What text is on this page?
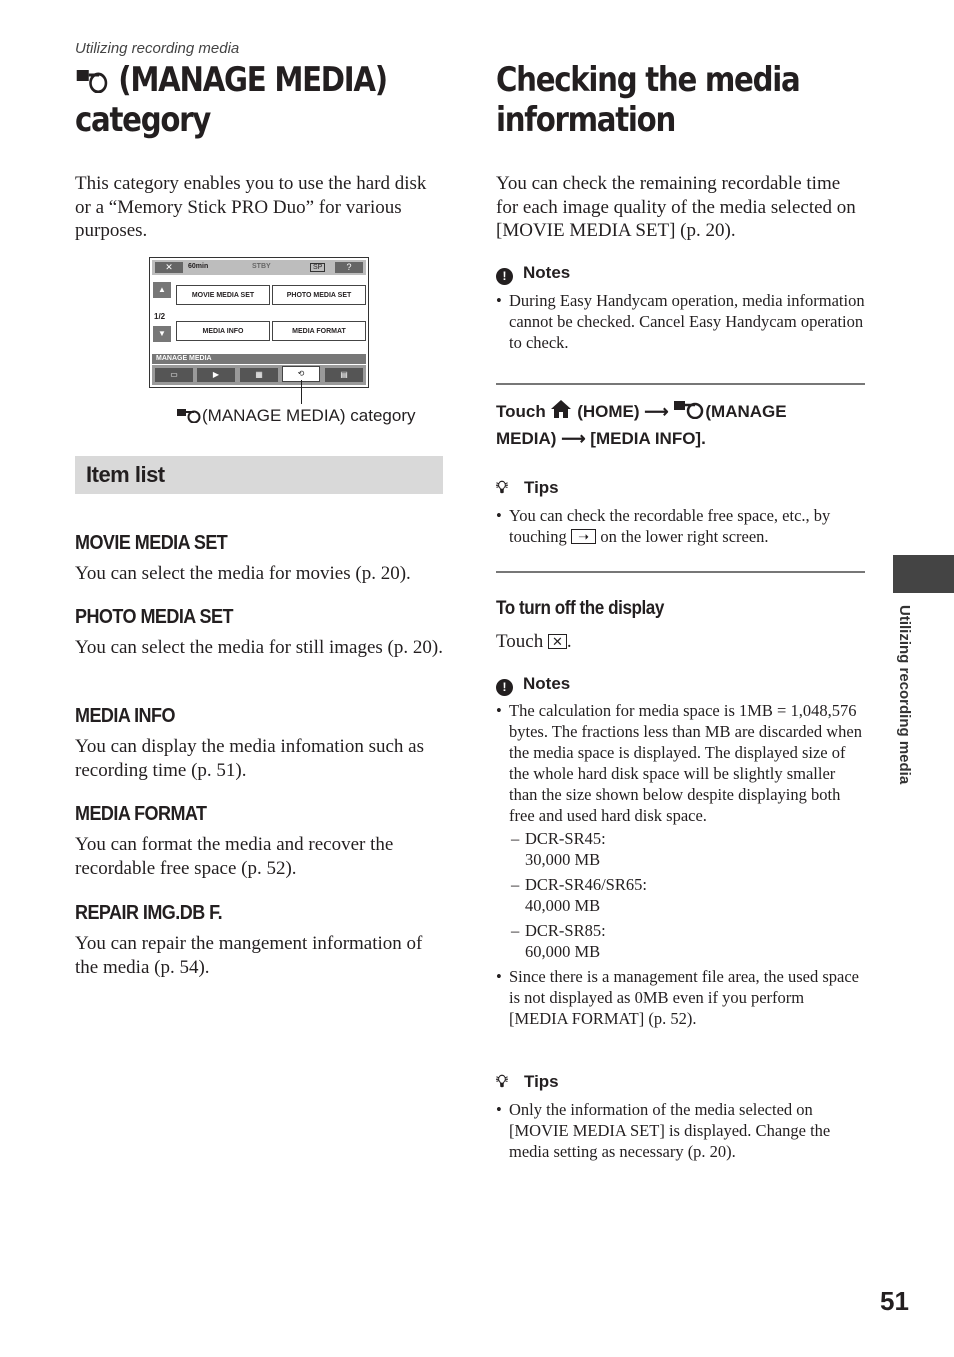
Utilizing recording media
(MANAGE MEDIA)
category

This category enables you to use the hard disk or a “Memory Stick PRO Duo” for various purposes.

✕	60min	STBY	SP	?
▲
1/2
▼
MOVIE MEDIA SET	PHOTO MEDIA SET
MEDIA INFO	MEDIA FORMAT
MANAGE MEDIA
▭	▶	▦	⟲	▤
(MANAGE MEDIA) category
Item list
MOVIE MEDIA SET
You can select the media for movies (p. 20).
PHOTO MEDIA SET
You can select the media for still images (p. 20).
MEDIA INFO
You can display the media infomation such as recording time (p. 51).
MEDIA FORMAT
You can format the media and recover the recordable free space (p. 52).
REPAIR IMG.DB F.
You can repair the mangement information of the media (p. 54).
Checking the media
information

You can check the remaining recordable time for each image quality of the media selected on [MOVIE MEDIA SET] (p. 20).

! Notes
• During Easy Handycam operation, media information cannot be checked. Cancel Easy Handycam operation to check.
Touch (HOME) ⟶ (MANAGE
MEDIA) ⟶ [MEDIA INFO].
💡︎ Tips
• You can check the recordable free space, etc., by touching  ➝  on the lower right screen.
To turn off the display
Touch ✕ .
! Notes
• The calculation for media space is 1MB = 1,048,576 bytes. The fractions less than MB are discarded when the media space is displayed. The displayed size of the whole hard disk space will be slightly smaller than the size shown below despite displaying both free and used hard disk space.
– DCR-SR45:
30,000 MB
– DCR-SR46/SR65:
40,000 MB
– DCR-SR85:
60,000 MB
• Since there is a management file area, the used space is not displayed as 0MB even if you perform [MEDIA FORMAT] (p. 52).
💡︎ Tips
• Only the information of the media selected on [MOVIE MEDIA SET] is displayed. Change the media setting as necessary (p. 20).
Utilizing recording media
51
